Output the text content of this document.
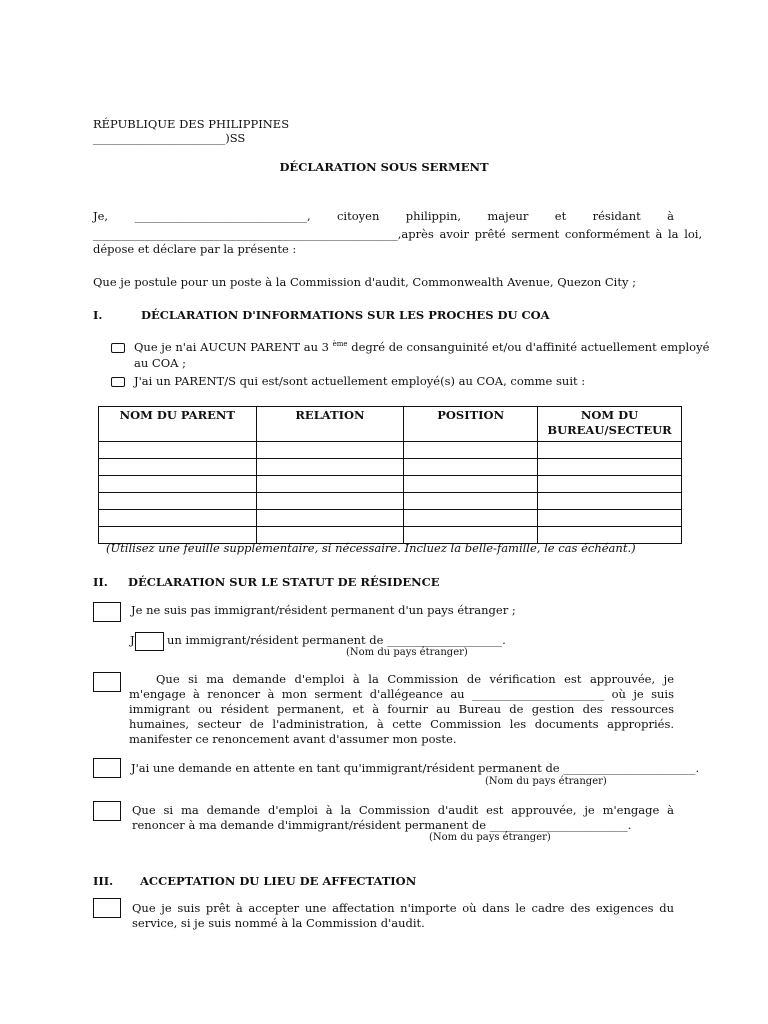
RÉPUBLIQUE DES PHILIPPINES
_______________________)SS
DÉCLARATION SOUS SERMENT
Je, ______________________________, citoyen philippin, majeur et résidant à
_____________________________________________________, après avoir prêté serment conformément à la loi,
dépose et déclare par la présente :
Que je postule pour un poste à la Commission d'audit, Commonwealth Avenue, Quezon City ;
I.	DÉCLARATION D'INFORMATIONS SUR LES PROCHES DU COA
Que je n'ai AUCUN PARENT au 3 $^{ème}$ degré de consanguinité et/ou d'affinité actuellement employé
au COA ;
J'ai un PARENT/S qui est/sont actuellement employé(s) au COA, comme suit :
NOM DU PARENT	RELATION	POSITION	NOM DU
BUREAU/SECTEUR

(Utilisez une feuille supplémentaire, si nécessaire. Incluez la belle-famille, le cas échéant.)
II. DÉCLARATION SUR LE STATUT DE RÉSIDENCE
Je ne suis pas immigrant/résident permanent d'un pays étranger ;
J	un immigrant/résident permanent de ____________________.
(Nom du pays étranger)
Que si ma demande d'emploi à la Commission de vérification est approuvée, je m'engage à renoncer à mon serment d'allégeance au _______________________ où je suis immigrant ou résident permanent, et à fournir au Bureau de gestion des ressources humaines, secteur de l'administration, à cette Commission les documents appropriés. manifester ce renoncement avant d'assumer mon poste.
J'ai une demande en attente en tant qu'immigrant/résident permanent de _______________________.
(Nom du pays étranger)
Que si ma demande d'emploi à la Commission d'audit est approuvée, je m'engage à renoncer à ma demande d'immigrant/résident permanent de ________________________.
(Nom du pays étranger)
III. ACCEPTATION DU LIEU DE AFFECTATION
Que je suis prêt à accepter une affectation n'importe où dans le cadre des exigences du service, si je suis nommé à la Commission d'audit.
